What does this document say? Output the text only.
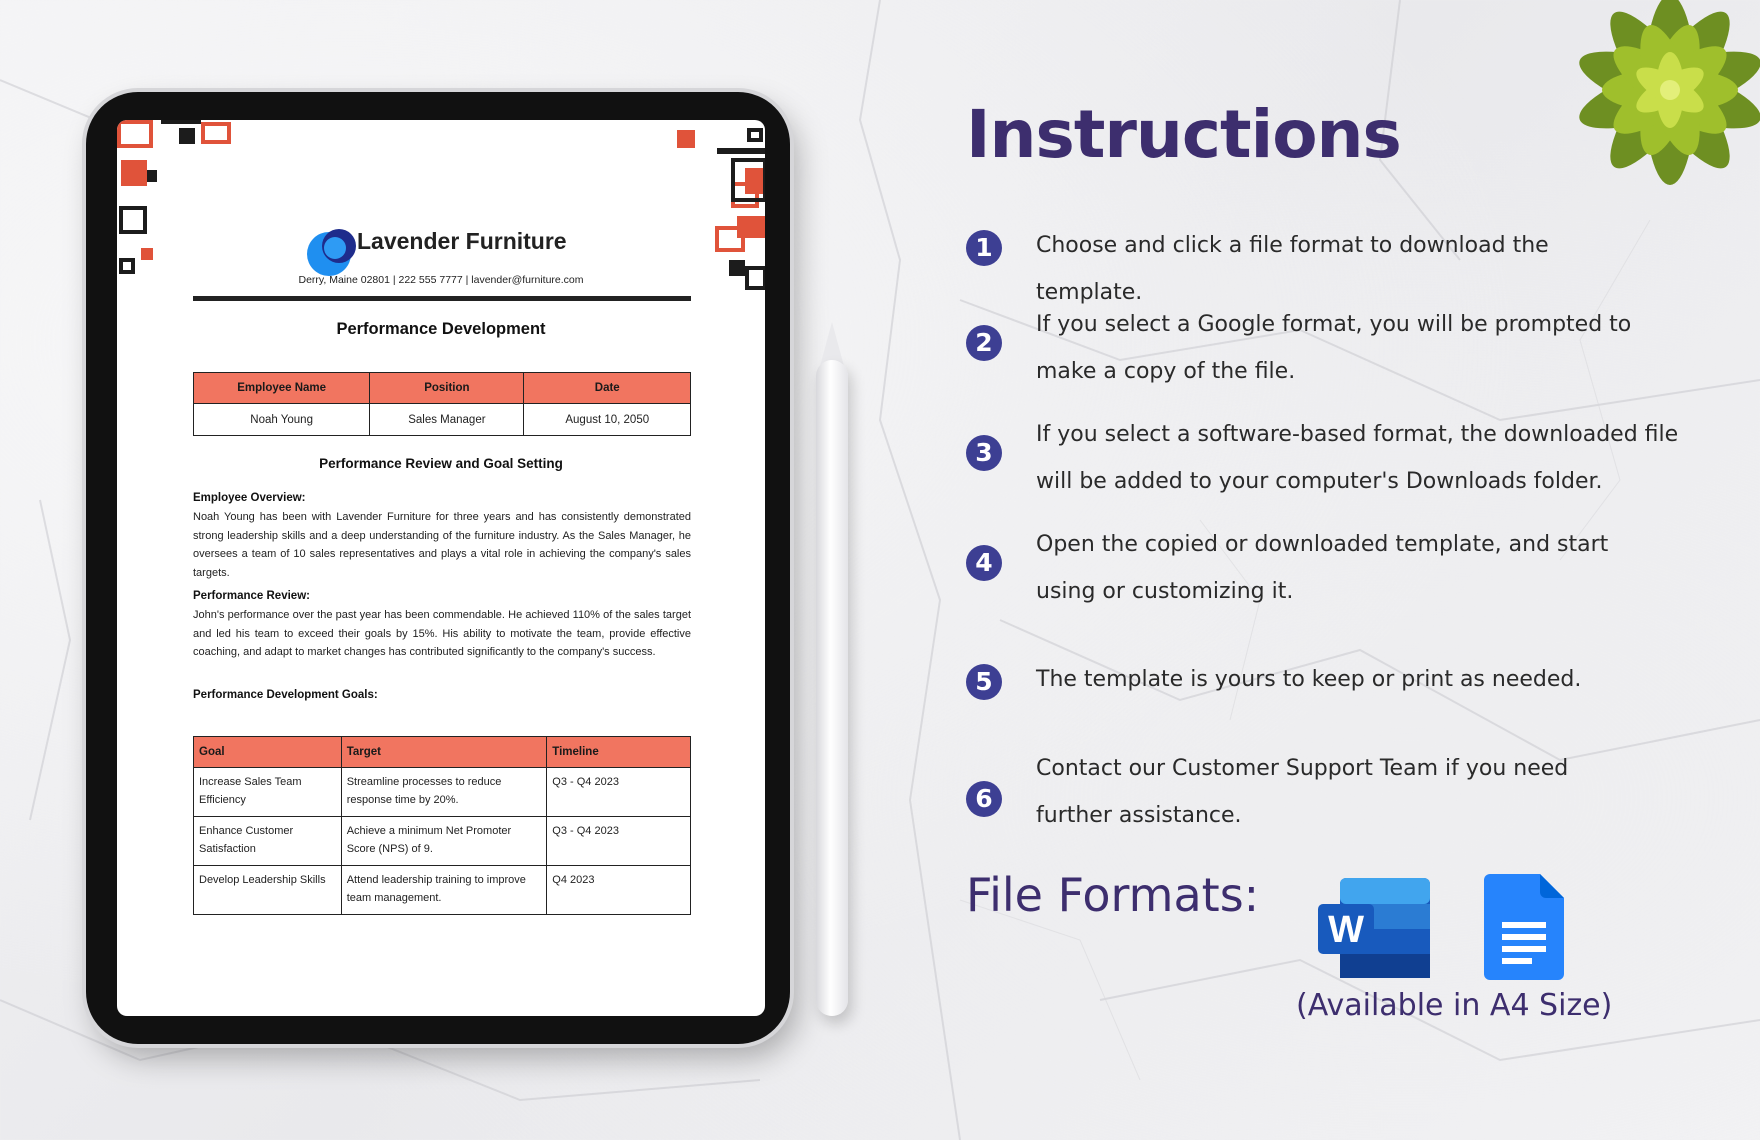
Lavender Furniture
Derry, Maine 02801 | 222 555 7777 | lavender@furniture.com
Performance Development
Employee Name	Position	Date
Noah Young	Sales Manager	August 10, 2050
Performance Review and Goal Setting
Employee Overview:
Noah Young has been with Lavender Furniture for three years and has consistently demonstrated strong leadership skills and a deep understanding of the furniture industry. As the Sales Manager, he oversees a team of 10 sales representatives and plays a vital role in achieving the company's sales targets.
Performance Review:
John's performance over the past year has been commendable. He achieved 110% of the sales target and led his team to exceed their goals by 15%. His ability to motivate the team, provide effective coaching, and adapt to market changes has contributed significantly to the company's success.
Performance Development Goals:
Goal	Target	Timeline
Increase Sales Team Efficiency	Streamline processes to reduce response time by 20%.	Q3 - Q4 2023
Enhance Customer Satisfaction	Achieve a minimum Net Promoter Score (NPS) of 9.	Q3 - Q4 2023
Develop Leadership Skills	Attend leadership training to improve team management.	Q4 2023
Instructions
1	Choose and click a file format to download the template.
2
If you select a Google format, you will be prompted to make a copy of the file.
3
If you select a software-based format, the downloaded file will be added to your computer's Downloads folder.
4
Open the copied or downloaded template, and start using or customizing it.
5	The template is yours to keep or print as needed.
6
Contact our Customer Support Team if you need further assistance.
File Formats:
W
(Available in A4 Size)
